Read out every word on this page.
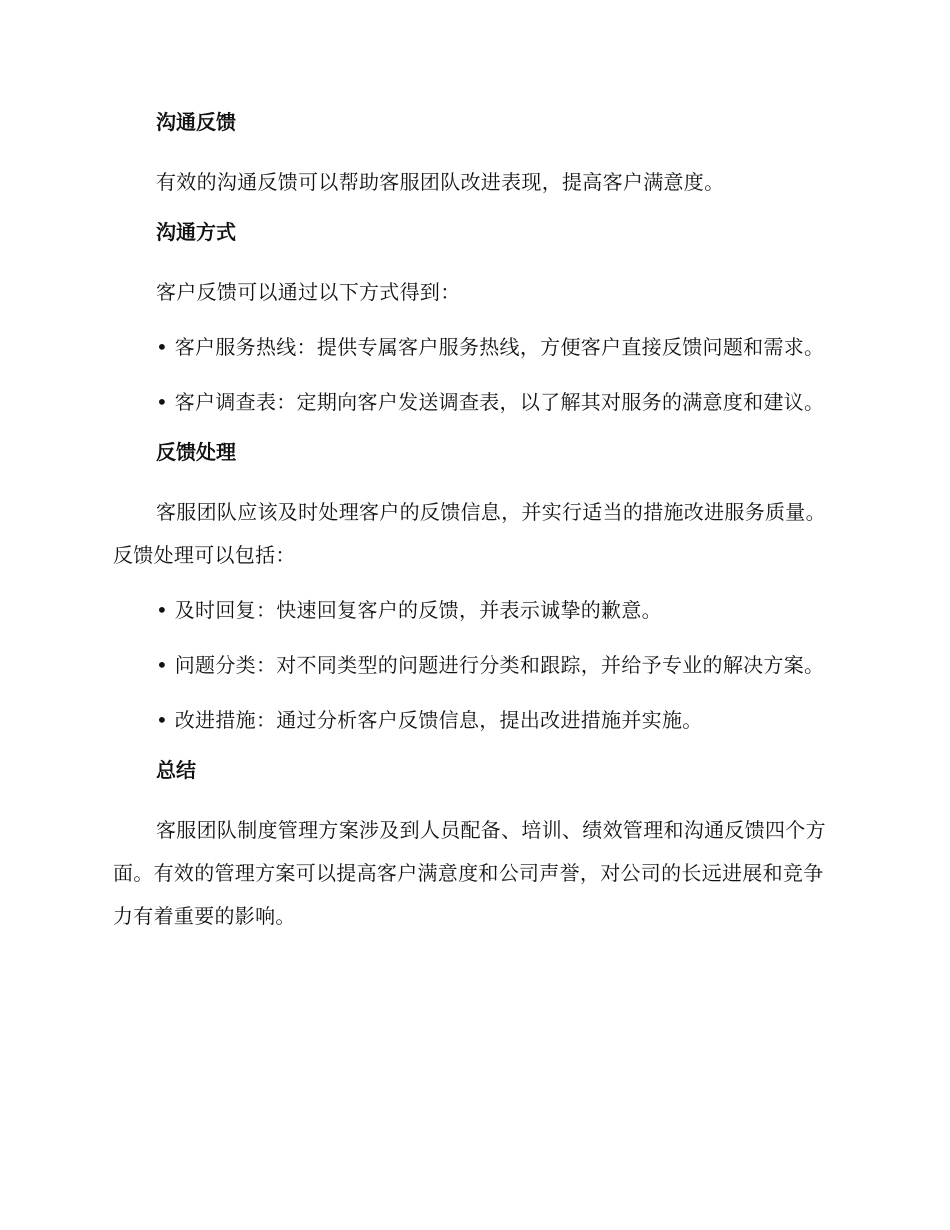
沟通反馈

有效的沟通反馈可以帮助客服团队改进表现，提高客户满意度。

沟通方式

客户反馈可以通过以下方式得到：

• 客户服务热线：提供专属客户服务热线，方便客户直接反馈问题和需求。

• 客户调查表：定期向客户发送调查表，以了解其对服务的满意度和建议。

反馈处理

客服团队应该及时处理客户的反馈信息，并实行适当的措施改进服务质量。反馈处理可以包括：

• 及时回复：快速回复客户的反馈，并表示诚挚的歉意。

• 问题分类：对不同类型的问题进行分类和跟踪，并给予专业的解决方案。

• 改进措施：通过分析客户反馈信息，提出改进措施并实施。

总结

客服团队制度管理方案涉及到人员配备、培训、绩效管理和沟通反馈四个方面。有效的管理方案可以提高客户满意度和公司声誉，对公司的长远进展和竞争力有着重要的影响。
